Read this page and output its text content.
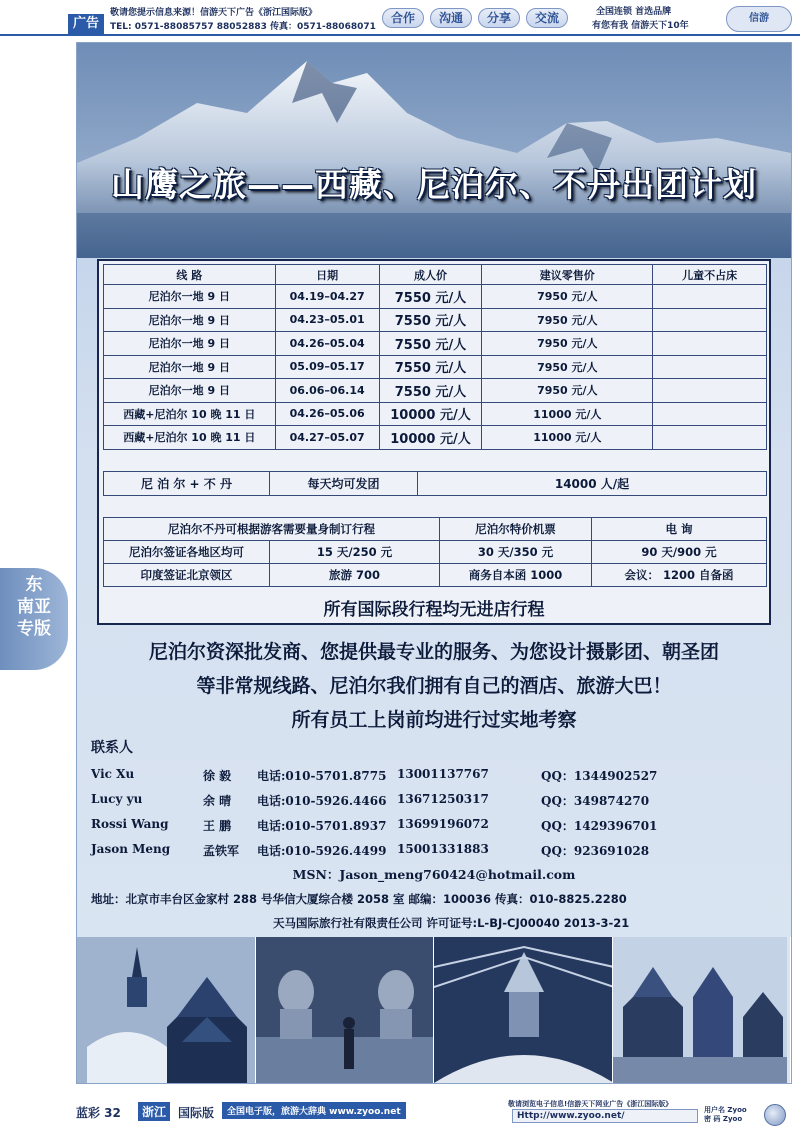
广告
敬请您提示信息来源！信游天下广告《浙江国际版》
TEL: 0571-88085757 88052883 传真：0571-88068071
合作	沟通	分享	交流	全国连锁 首选品牌
有您有我 信游天下10年
信游
山鹰之旅——西藏、尼泊尔、不丹出团计划
线 路	日期	成人价	建议零售价	儿童不占床
尼泊尔一地 9 日	04.19–04.27	7550 元/人	7950 元/人	
尼泊尔一地 9 日	04.23–05.01	7550 元/人	7950 元/人	
尼泊尔一地 9 日	04.26–05.04	7550 元/人	7950 元/人	
尼泊尔一地 9 日	05.09–05.17	7550 元/人	7950 元/人	
尼泊尔一地 9 日	06.06–06.14	7550 元/人	7950 元/人	
西藏+尼泊尔 10 晚 11 日	04.26–05.06	10000 元/人	11000 元/人	
西藏+尼泊尔 10 晚 11 日	04.27–05.07	10000 元/人	11000 元/人	
尼 泊 尔 + 不 丹	每天均可发团	14000 人/起
尼泊尔不丹可根据游客需要量身制订行程		尼泊尔特价机票	电 询
尼泊尔签证各地区均可	15 天/250 元	30 天/350 元	90 天/900 元
印度签证北京领区	旅游 700	商务自本函 1000	会议： 1200 自备函
所有国际段行程均无进店行程
尼泊尔资深批发商、您提供最专业的服务、为您设计摄影团、朝圣团
等非常规线路、尼泊尔我们拥有自己的酒店、旅游大巴！
所有员工上岗前均进行过实地考察
联系人
Vic Xu	徐 毅 电话:010-5701.8775 13001137767	QQ：1344902527
Lucy yu	余 晴 电话:010-5926.4466 13671250317	QQ：349874270
Rossi Wang	王 鹏 电话:010-5701.8937 13699196072	QQ：1429396701
Jason Meng	孟铁军 电话:010-5926.4499 15001331883	QQ：923691028
MSN：Jason_meng760424@hotmail.com
地址：北京市丰台区金家村 288 号华信大厦综合楼 2058 室 邮编：100036 传真：010-8825.2280
天马国际旅行社有限责任公司 许可证号:L-BJ-CJ00040 2013-3-21
东
南亚
专版
蓝彩 32	浙江 国际版	全国电子版，旅游大辞典 www.zyoo.net
敬请浏览电子信息!信游天下网业广告《浙江国际版》
Http://www.zyoo.net/
用户名 Zyoo
密 码 Zyoo
